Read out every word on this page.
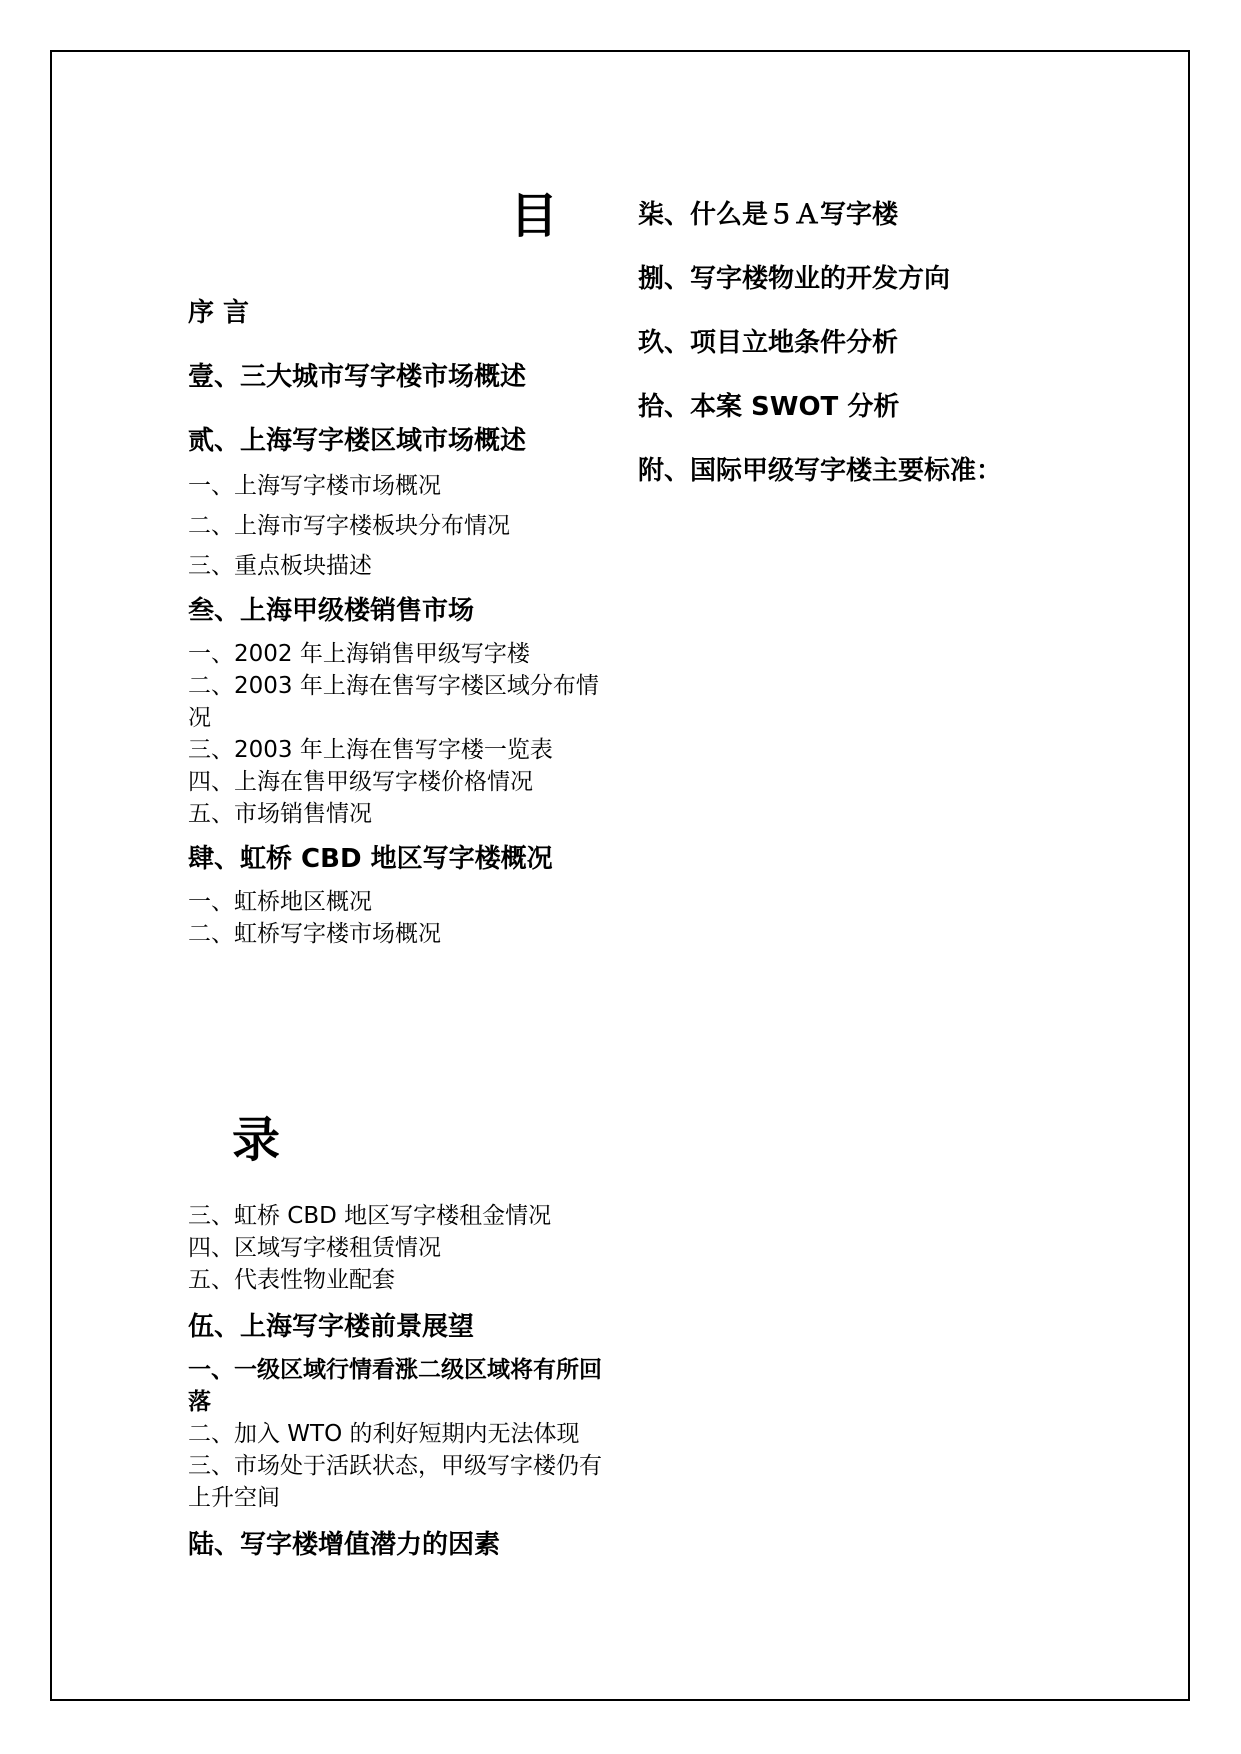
目
录

序 言

壹、三大城市写字楼市场概述

贰、上海写字楼区域市场概述

一、上海写字楼市场概况

二、上海市写字楼板块分布情况

三、重点板块描述

叁、上海甲级楼销售市场

一、2002 年上海销售甲级写字楼

二、2003 年上海在售写字楼区域分布情况

三、2003 年上海在售写字楼一览表

四、上海在售甲级写字楼价格情况

五、市场销售情况

肆、虹桥 CBD 地区写字楼概况

一、虹桥地区概况

二、虹桥写字楼市场概况

三、虹桥 CBD 地区写字楼租金情况

四、区域写字楼租赁情况

五、代表性物业配套

伍、上海写字楼前景展望

一、一级区域行情看涨二级区域将有所回落

二、加入 WTO 的利好短期内无法体现

三、市场处于活跃状态，甲级写字楼仍有上升空间

陆、写字楼增值潜力的因素

柒、什么是５Ａ写字楼

捌、写字楼物业的开发方向

玖、项目立地条件分析

拾、本案 SWOT 分析

附、国际甲级写字楼主要标准：
